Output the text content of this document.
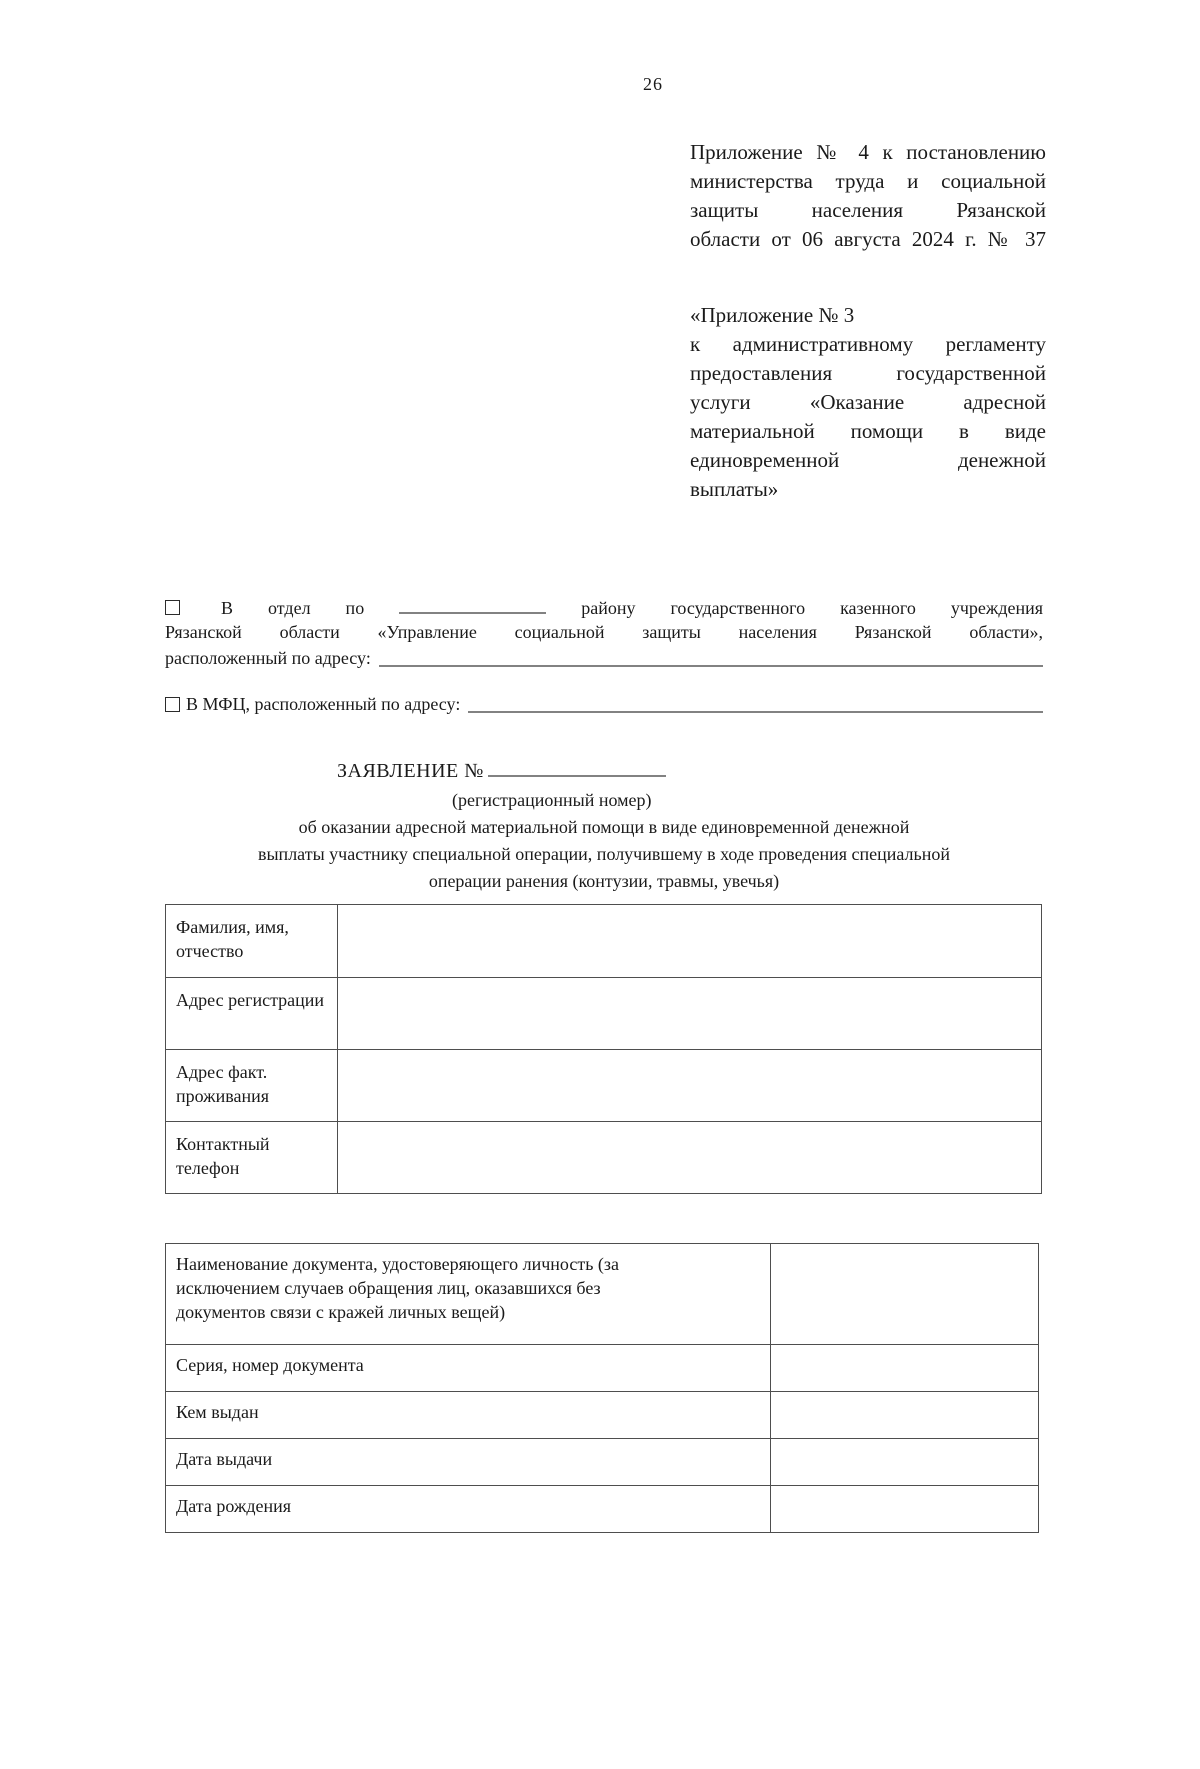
26
Приложение № 4 к постановлению
министерства труда и социальной
защиты населения Рязанской
области от 06 августа 2024 г. № 37
«Приложение № 3
к административному регламенту
предоставления государственной
услуги «Оказание адресной
материальной помощи в виде
единовременной денежной
выплаты»
В отдел по	району государственного казенного учреждения
Рязанской области «Управление социальной защиты населения Рязанской области»,
расположенный по адресу:
В МФЦ, расположенный по адресу:
ЗАЯВЛЕНИЕ №
(регистрационный номер)
об оказании адресной материальной помощи в виде единовременной денежной
выплаты участнику специальной операции, получившему в ходе проведения специальной
операции ранения (контузии, травмы, увечья)
Фамилия, имя, отчество
Адрес регистрации
Адрес факт. проживания
Контактный телефон
Наименование документа, удостоверяющего личность (за исключением случаев обращения лиц, оказавшихся без документов связи с кражей личных вещей)
Серия, номер документа
Кем выдан
Дата выдачи
Дата рождения
